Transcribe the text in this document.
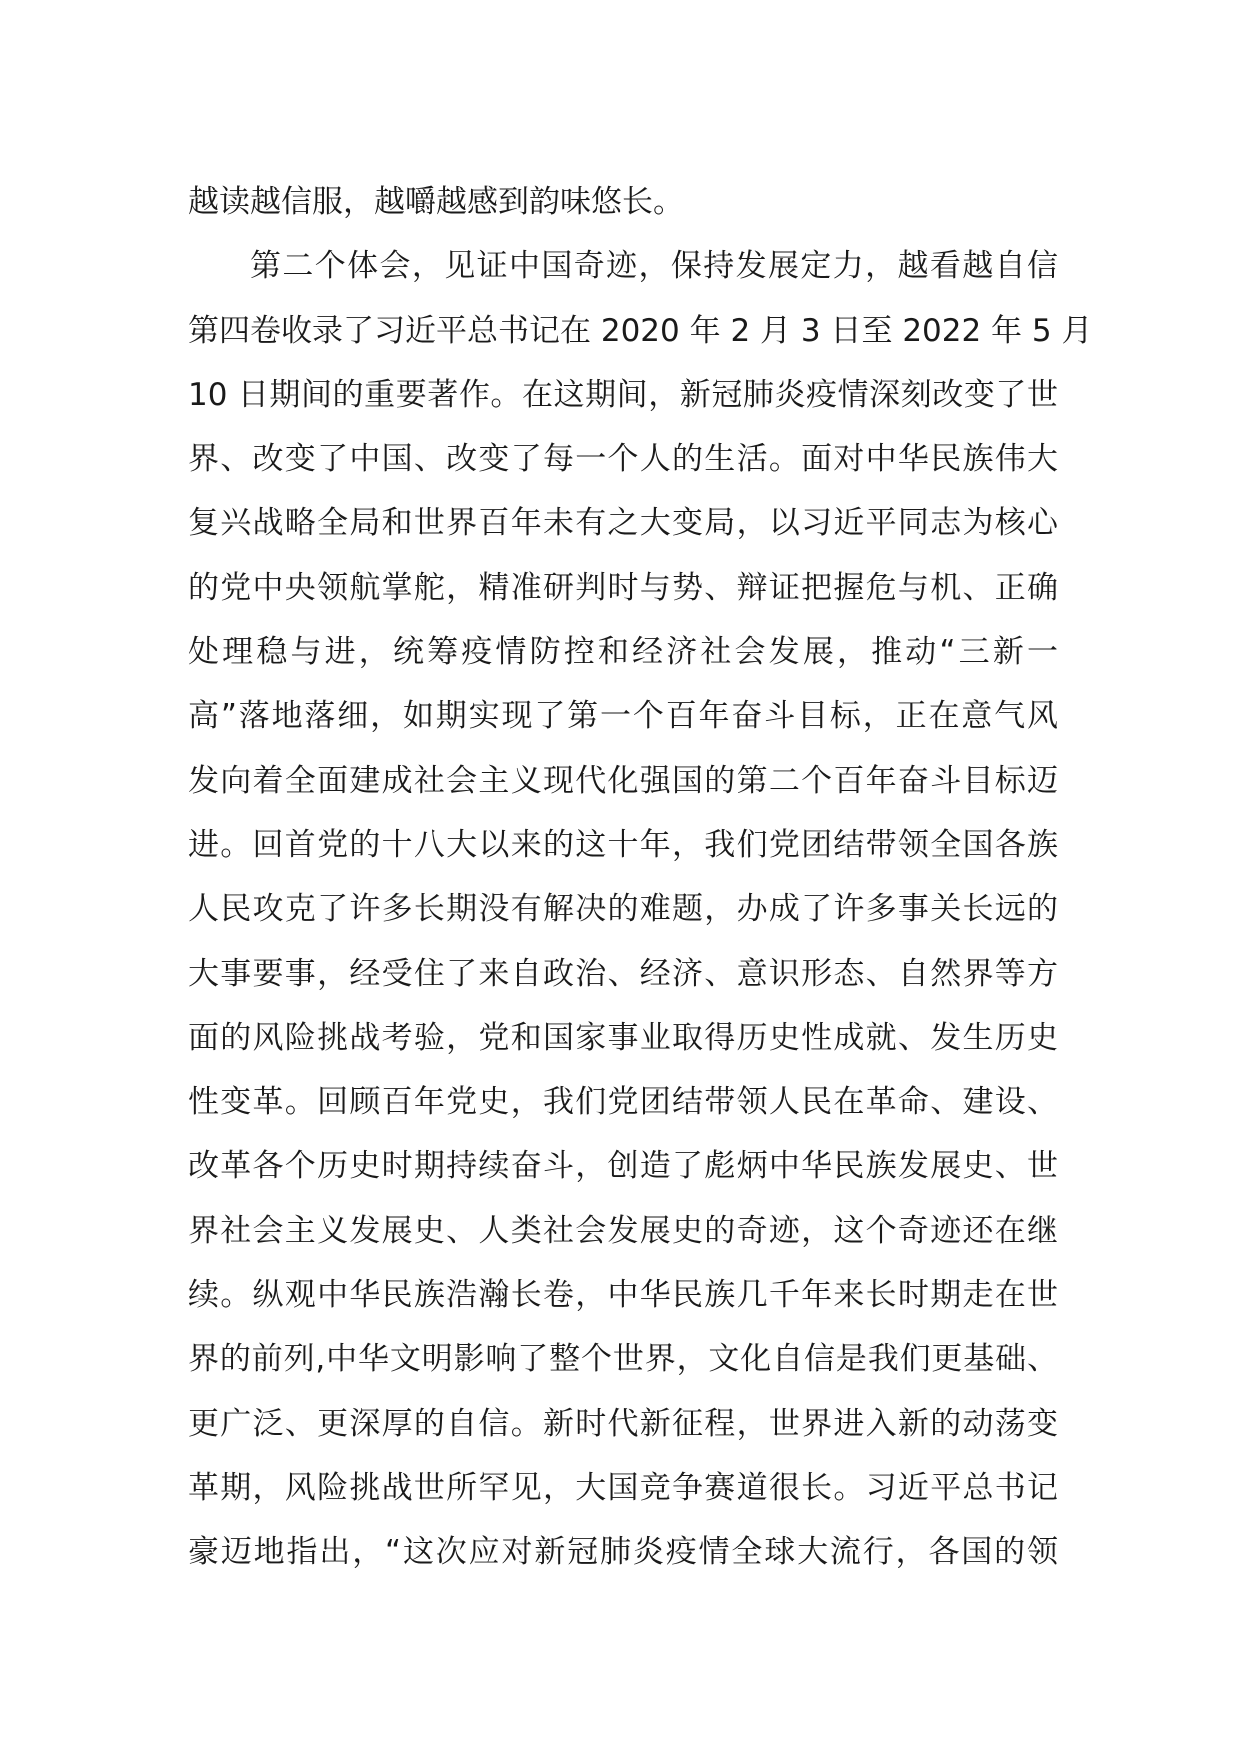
越读越信服，越嚼越感到韵味悠长。
第二个体会，见证中国奇迹，保持发展定力，越看越自信
第四卷收录了习近平总书记在 2020 年 2 月 3 日至 2022 年 5 月
10 日期间的重要著作。在这期间，新冠肺炎疫情深刻改变了世
界、改变了中国、改变了每一个人的生活。面对中华民族伟大
复兴战略全局和世界百年未有之大变局，以习近平同志为核心
的党中央领航掌舵，精准研判时与势、辩证把握危与机、正确
处理稳与进，统筹疫情防控和经济社会发展，推动“三新一
高”落地落细，如期实现了第一个百年奋斗目标，正在意气风
发向着全面建成社会主义现代化强国的第二个百年奋斗目标迈
进。回首党的十八大以来的这十年，我们党团结带领全国各族
人民攻克了许多长期没有解决的难题，办成了许多事关长远的
大事要事，经受住了来自政治、经济、意识形态、自然界等方
面的风险挑战考验，党和国家事业取得历史性成就、发生历史
性变革。回顾百年党史，我们党团结带领人民在革命、建设、
改革各个历史时期持续奋斗，创造了彪炳中华民族发展史、世
界社会主义发展史、人类社会发展史的奇迹，这个奇迹还在继
续。纵观中华民族浩瀚长卷，中华民族几千年来长时期走在世
界的前列,中华文明影响了整个世界，文化自信是我们更基础、
更广泛、更深厚的自信。新时代新征程，世界进入新的动荡变
革期，风险挑战世所罕见，大国竞争赛道很长。习近平总书记
豪迈地指出，“这次应对新冠肺炎疫情全球大流行，各国的领
